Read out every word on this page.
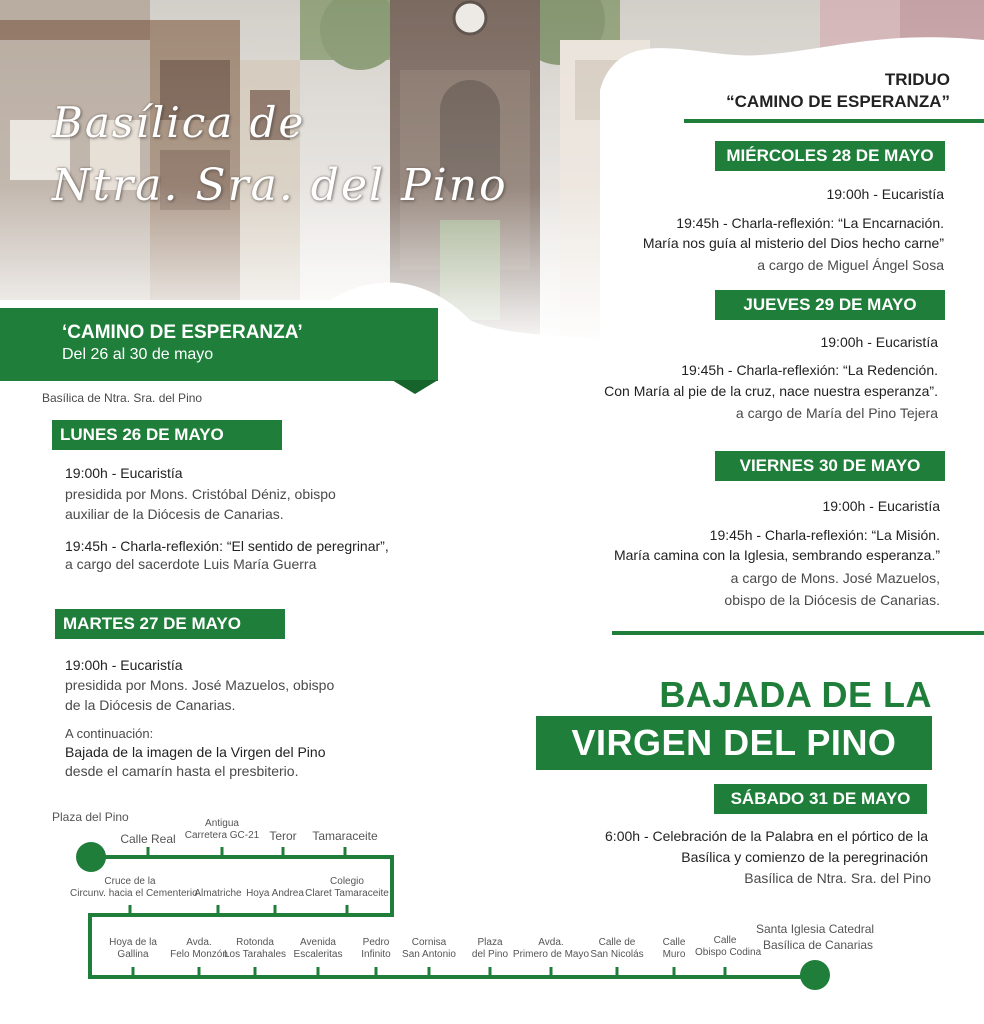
Basílica de
Ntra. Sra. del Pino
‘CAMINO DE ESPERANZA’
Del 26 al 30 de mayo
Basílica de Ntra. Sra. del Pino
LUNES 26 DE MAYO
19:00h - Eucaristía
presidida por Mons. Cristóbal Déniz, obispo
auxiliar de la Diócesis de Canarias.
19:45h - Charla-reflexión: “El sentido de peregrinar”,
a cargo del sacerdote Luis María Guerra
MARTES 27 DE MAYO
19:00h - Eucaristía
presidida por Mons. José Mazuelos, obispo
de la Diócesis de Canarias.
A continuación:
Bajada de la imagen de la Virgen del Pino
desde el camarín hasta el presbiterio.
TRIDUO
“CAMINO DE ESPERANZA”
MIÉRCOLES 28 DE MAYO
19:00h - Eucaristía
19:45h - Charla-reflexión: “La Encarnación.
María nos guía al misterio del Dios hecho carne”
a cargo de Miguel Ángel Sosa
JUEVES 29 DE MAYO
19:00h - Eucaristía
19:45h - Charla-reflexión: “La Redención.
Con María al pie de la cruz, nace nuestra esperanza”.
a cargo de María del Pino Tejera
VIERNES 30 DE MAYO
19:00h - Eucaristía
19:45h - Charla-reflexión: “La Misión.
María camina con la Iglesia, sembrando esperanza.”
a cargo de Mons. José Mazuelos,
obispo de la Diócesis de Canarias.
BAJADA DE LA
VIRGEN DEL PINO
SÁBADO 31 DE MAYO
6:00h - Celebración de la Palabra en el pórtico de la
Basílica y comienzo de la peregrinación
Basílica de Ntra. Sra. del Pino
Plaza del Pino
Santa Iglesia Catedral
Basílica de Canarias
Calle Real
Antigua
Carretera GC-21 Teror	Tamaraceite
Cruce de la
Circunv. hacia el Cementerio
Almatriche Hoya Andrea
Colegio
Claret Tamaraceite
Hoya de la
Gallina
Avda.
Felo Monzón
Rotonda
Los Tarahales
Avenida
Escaleritas
Pedro
Infinito
Cornisa
San Antonio
Plaza
del Pino
Avda.
Primero de Mayo
Calle de
San Nicolás
Calle
Muro
Calle
Obispo Codina
